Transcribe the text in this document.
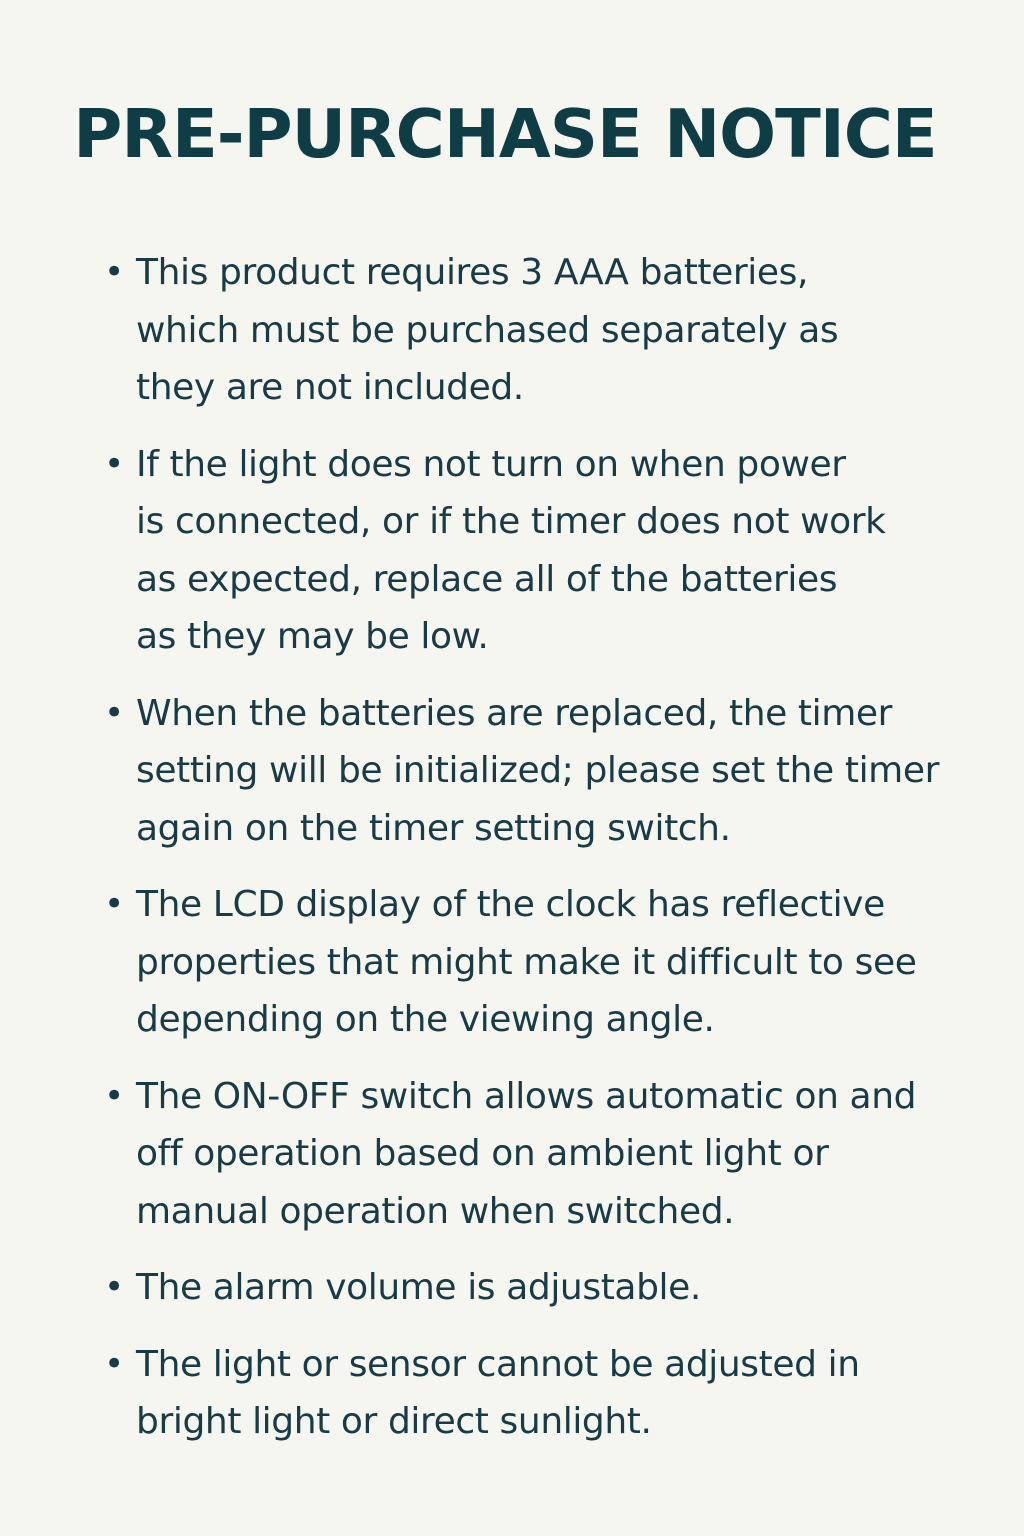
PRE-PURCHASE NOTICE
• This product requires 3 AAA batteries,
which must be purchased separately as
they are not included.
• If the light does not turn on when power
is connected, or if the timer does not work
as expected, replace all of the batteries
as they may be low.
• When the batteries are replaced, the timer
setting will be initialized; please set the timer
again on the timer setting switch.
• The LCD display of the clock has reflective
properties that might make it difficult to see
depending on the viewing angle.
• The ON-OFF switch allows automatic on and
off operation based on ambient light or
manual operation when switched.
• The alarm volume is adjustable.
• The light or sensor cannot be adjusted in
bright light or direct sunlight.
